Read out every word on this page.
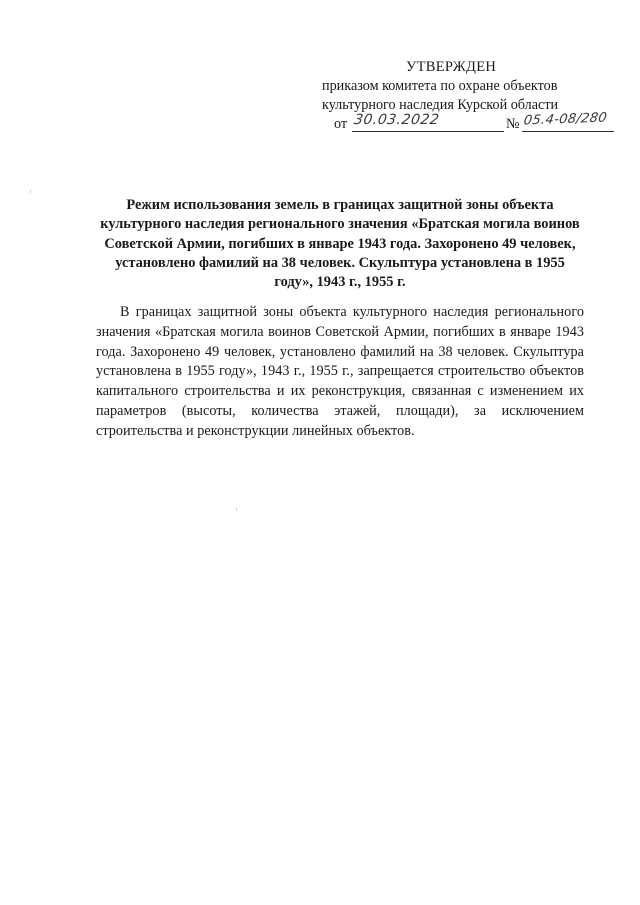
УТВЕРЖДЕН
приказом комитета по охране объектов
культурного наследия Курской области
от 30.03.2022	№ 05.4-08/280
Режим использования земель в границах защитной зоны объекта культурного наследия регионального значения «Братская могила воинов Советской Армии, погибших в январе 1943 года. Захоронено 49 человек, установлено фамилий на 38 человек. Скульптура установлена в 1955 году», 1943 г., 1955 г.
В границах защитной зоны объекта культурного наследия регионального значения «Братская могила воинов Советской Армии, погибших в январе 1943 года. Захоронено 49 человек, установлено фамилий на 38 человек. Скульптура установлена в 1955 году», 1943 г., 1955 г., запрещается строительство объектов капитального строительства и их реконструкция, связанная с изменением их параметров (высоты, количества этажей, площади), за исключением строительства и реконструкции линейных объектов.
